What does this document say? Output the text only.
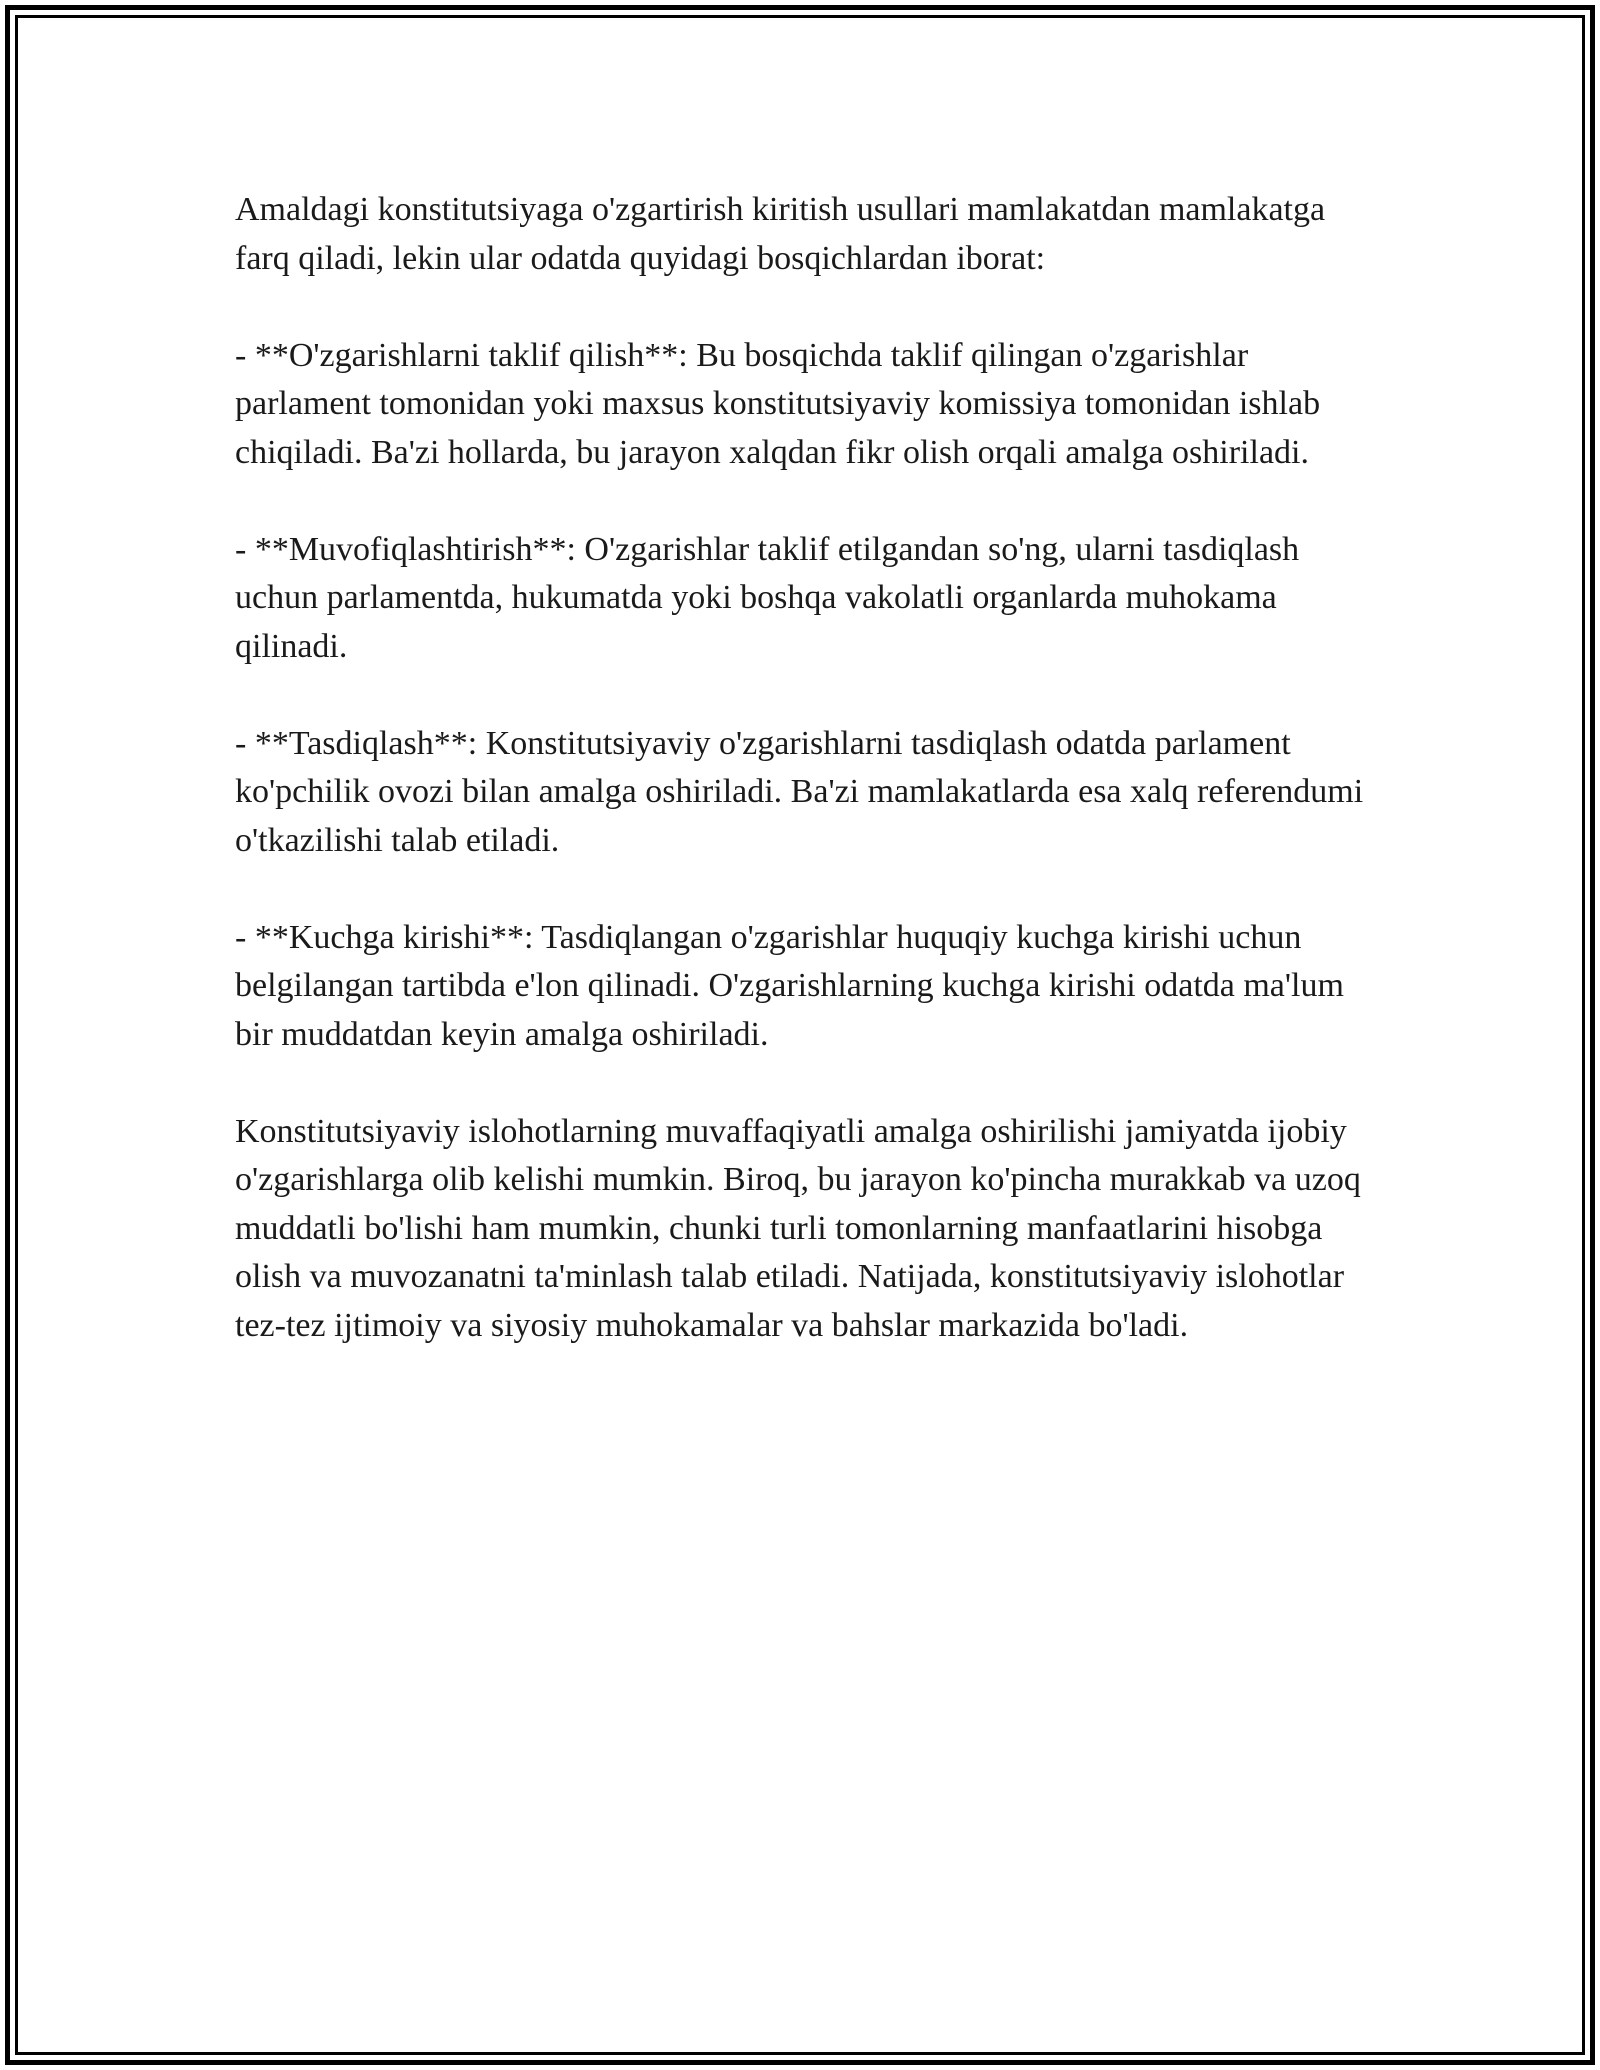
Amaldagi konstitutsiyaga o'zgartirish kiritish usullari mamlakatdan mamlakatga farq qiladi, lekin ular odatda quyidagi bosqichlardan iborat:

- **O'zgarishlarni taklif qilish**: Bu bosqichda taklif qilingan o'zgarishlar parlament tomonidan yoki maxsus konstitutsiyaviy komissiya tomonidan ishlab chiqiladi. Ba'zi hollarda, bu jarayon xalqdan fikr olish orqali amalga oshiriladi.

- **Muvofiqlashtirish**: O'zgarishlar taklif etilgandan so'ng, ularni tasdiqlash uchun parlamentda, hukumatda yoki boshqa vakolatli organlarda muhokama qilinadi.

- **Tasdiqlash**: Konstitutsiyaviy o'zgarishlarni tasdiqlash odatda parlament ko'pchilik ovozi bilan amalga oshiriladi. Ba'zi mamlakatlarda esa xalq referendumi o'tkazilishi talab etiladi.

- **Kuchga kirishi**: Tasdiqlangan o'zgarishlar huquqiy kuchga kirishi uchun belgilangan tartibda e'lon qilinadi. O'zgarishlarning kuchga kirishi odatda ma'lum bir muddatdan keyin amalga oshiriladi.

Konstitutsiyaviy islohotlarning muvaffaqiyatli amalga oshirilishi jamiyatda ijobiy o'zgarishlarga olib kelishi mumkin. Biroq, bu jarayon ko'pincha murakkab va uzoq muddatli bo'lishi ham mumkin, chunki turli tomonlarning manfaatlarini hisobga olish va muvozanatni ta'minlash talab etiladi. Natijada, konstitutsiyaviy islohotlar tez-tez ijtimoiy va siyosiy muhokamalar va bahslar markazida bo'ladi.
